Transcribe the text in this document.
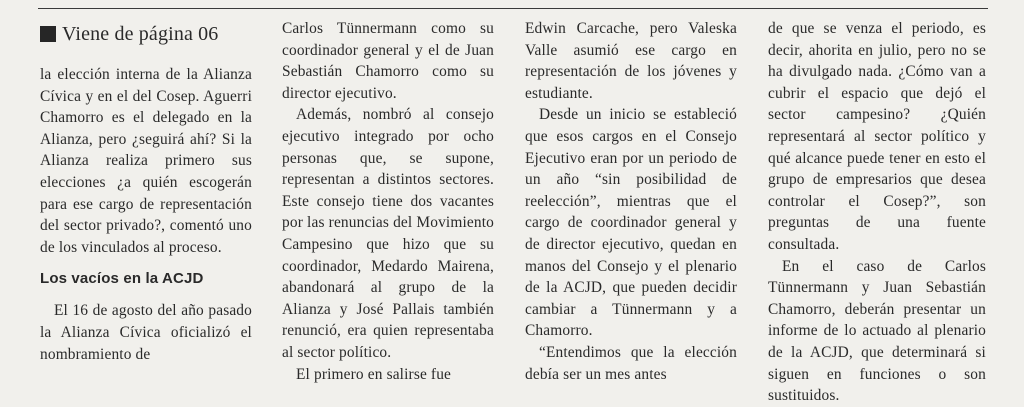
Viene de página 06

la elección interna de la Alianza Cívica y en el del Cosep. Aguerri Chamorro es el delegado en la Alianza, pero ¿seguirá ahí? Si la Alianza realiza primero sus elecciones ¿a quién escogerán para ese cargo de representación del sector privado?, comentó uno de los vinculados al proceso.

Los vacíos en la ACJD

El 16 de agosto del año pasado la Alianza Cívica oficializó el nombramiento de

Carlos Tünnermann como su coordinador general y el de Juan Sebastián Chamorro como su director ejecutivo.

Además, nombró al consejo ejecutivo integrado por ocho personas que, se supone, representan a distintos sectores. Este consejo tiene dos vacantes por las renuncias del Movimiento Campesino que hizo que su coordinador, Medardo Mairena, abandonará al grupo de la Alianza y José Pallais también renunció, era quien representaba al sector político.

El primero en salirse fue

Edwin Carcache, pero Valeska Valle asumió ese cargo en representación de los jóvenes y estudiante.

Desde un inicio se estableció que esos cargos en el Consejo Ejecutivo eran por un periodo de un año “sin posibilidad de reelección”, mientras que el cargo de coordinador general y de director ejecutivo, quedan en manos del Consejo y el plenario de la ACJD, que pueden decidir cambiar a Tünnermann y a Chamorro.

“Entendimos que la elección debía ser un mes antes

de que se venza el periodo, es decir, ahorita en julio, pero no se ha divulgado nada. ¿Cómo van a cubrir el espacio que dejó el sector campesino? ¿Quién representará al sector político y qué alcance puede tener en esto el grupo de empresarios que desea controlar el Cosep?”, son preguntas de una fuente consultada.

En el caso de Carlos Tünnermann y Juan Sebastián Chamorro, deberán presentar un informe de lo actuado al plenario de la ACJD, que determinará si siguen en funciones o son sustituidos.
